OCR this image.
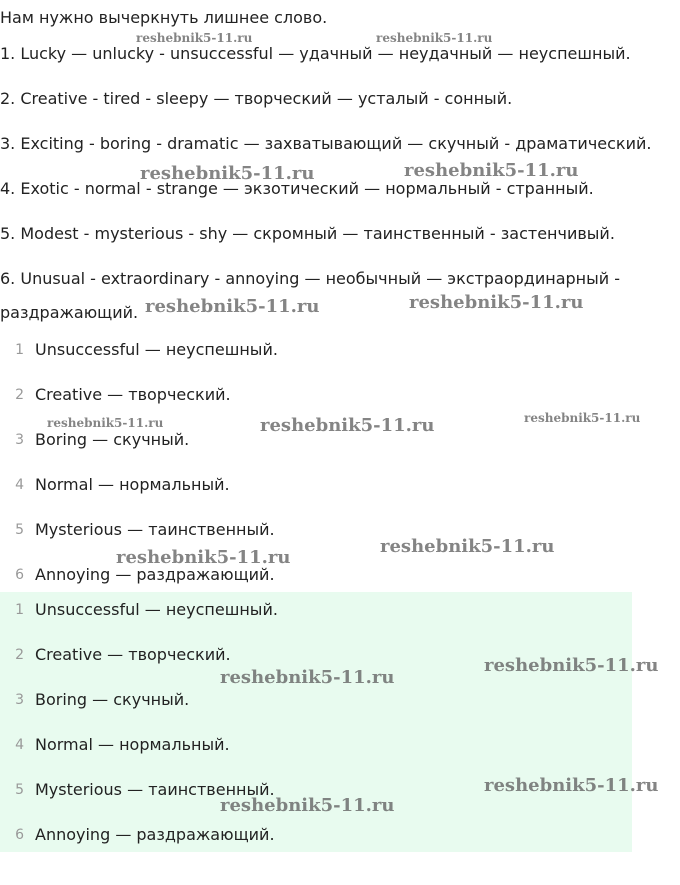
Нам нужно вычеркнуть лишнее слово.
1. Lucky — unlucky - unsuccessful — удачный — неудачный — неуспешный.
2. Creative - tired - sleepy — творческий — усталый - сонный.
3. Exciting - boring - dramatic — захватывающий — скучный - драматический.
4. Exotic - normal - strange — экзотический — нормальный - странный.
5. Modest - mysterious - shy — скромный — таинственный - застенчивый.
6. Unusual - extraordinary - annoying — необычный — экстраординарный - раздражающий.
1 Unsuccessful — неуспешный.
2 Creative — творческий.
3 Boring — скучный.
4 Normal — нормальный.
5 Mysterious — таинственный.
6 Annoying — раздражающий.
1 Unsuccessful — неуспешный.
2 Creative — творческий.
3 Boring — скучный.
4 Normal — нормальный.
5 Mysterious — таинственный.
6 Annoying — раздражающий.
reshebnik5-11.ru	reshebnik5-11.ru
reshebnik5-11.ru	reshebnik5-11.ru
reshebnik5-11.ru	reshebnik5-11.ru
reshebnik5-11.ru	reshebnik5-11.ru	reshebnik5-11.ru
reshebnik5-11.ru
reshebnik5-11.ru
reshebnik5-11.ru
reshebnik5-11.ru
reshebnik5-11.ru
reshebnik5-11.ru
